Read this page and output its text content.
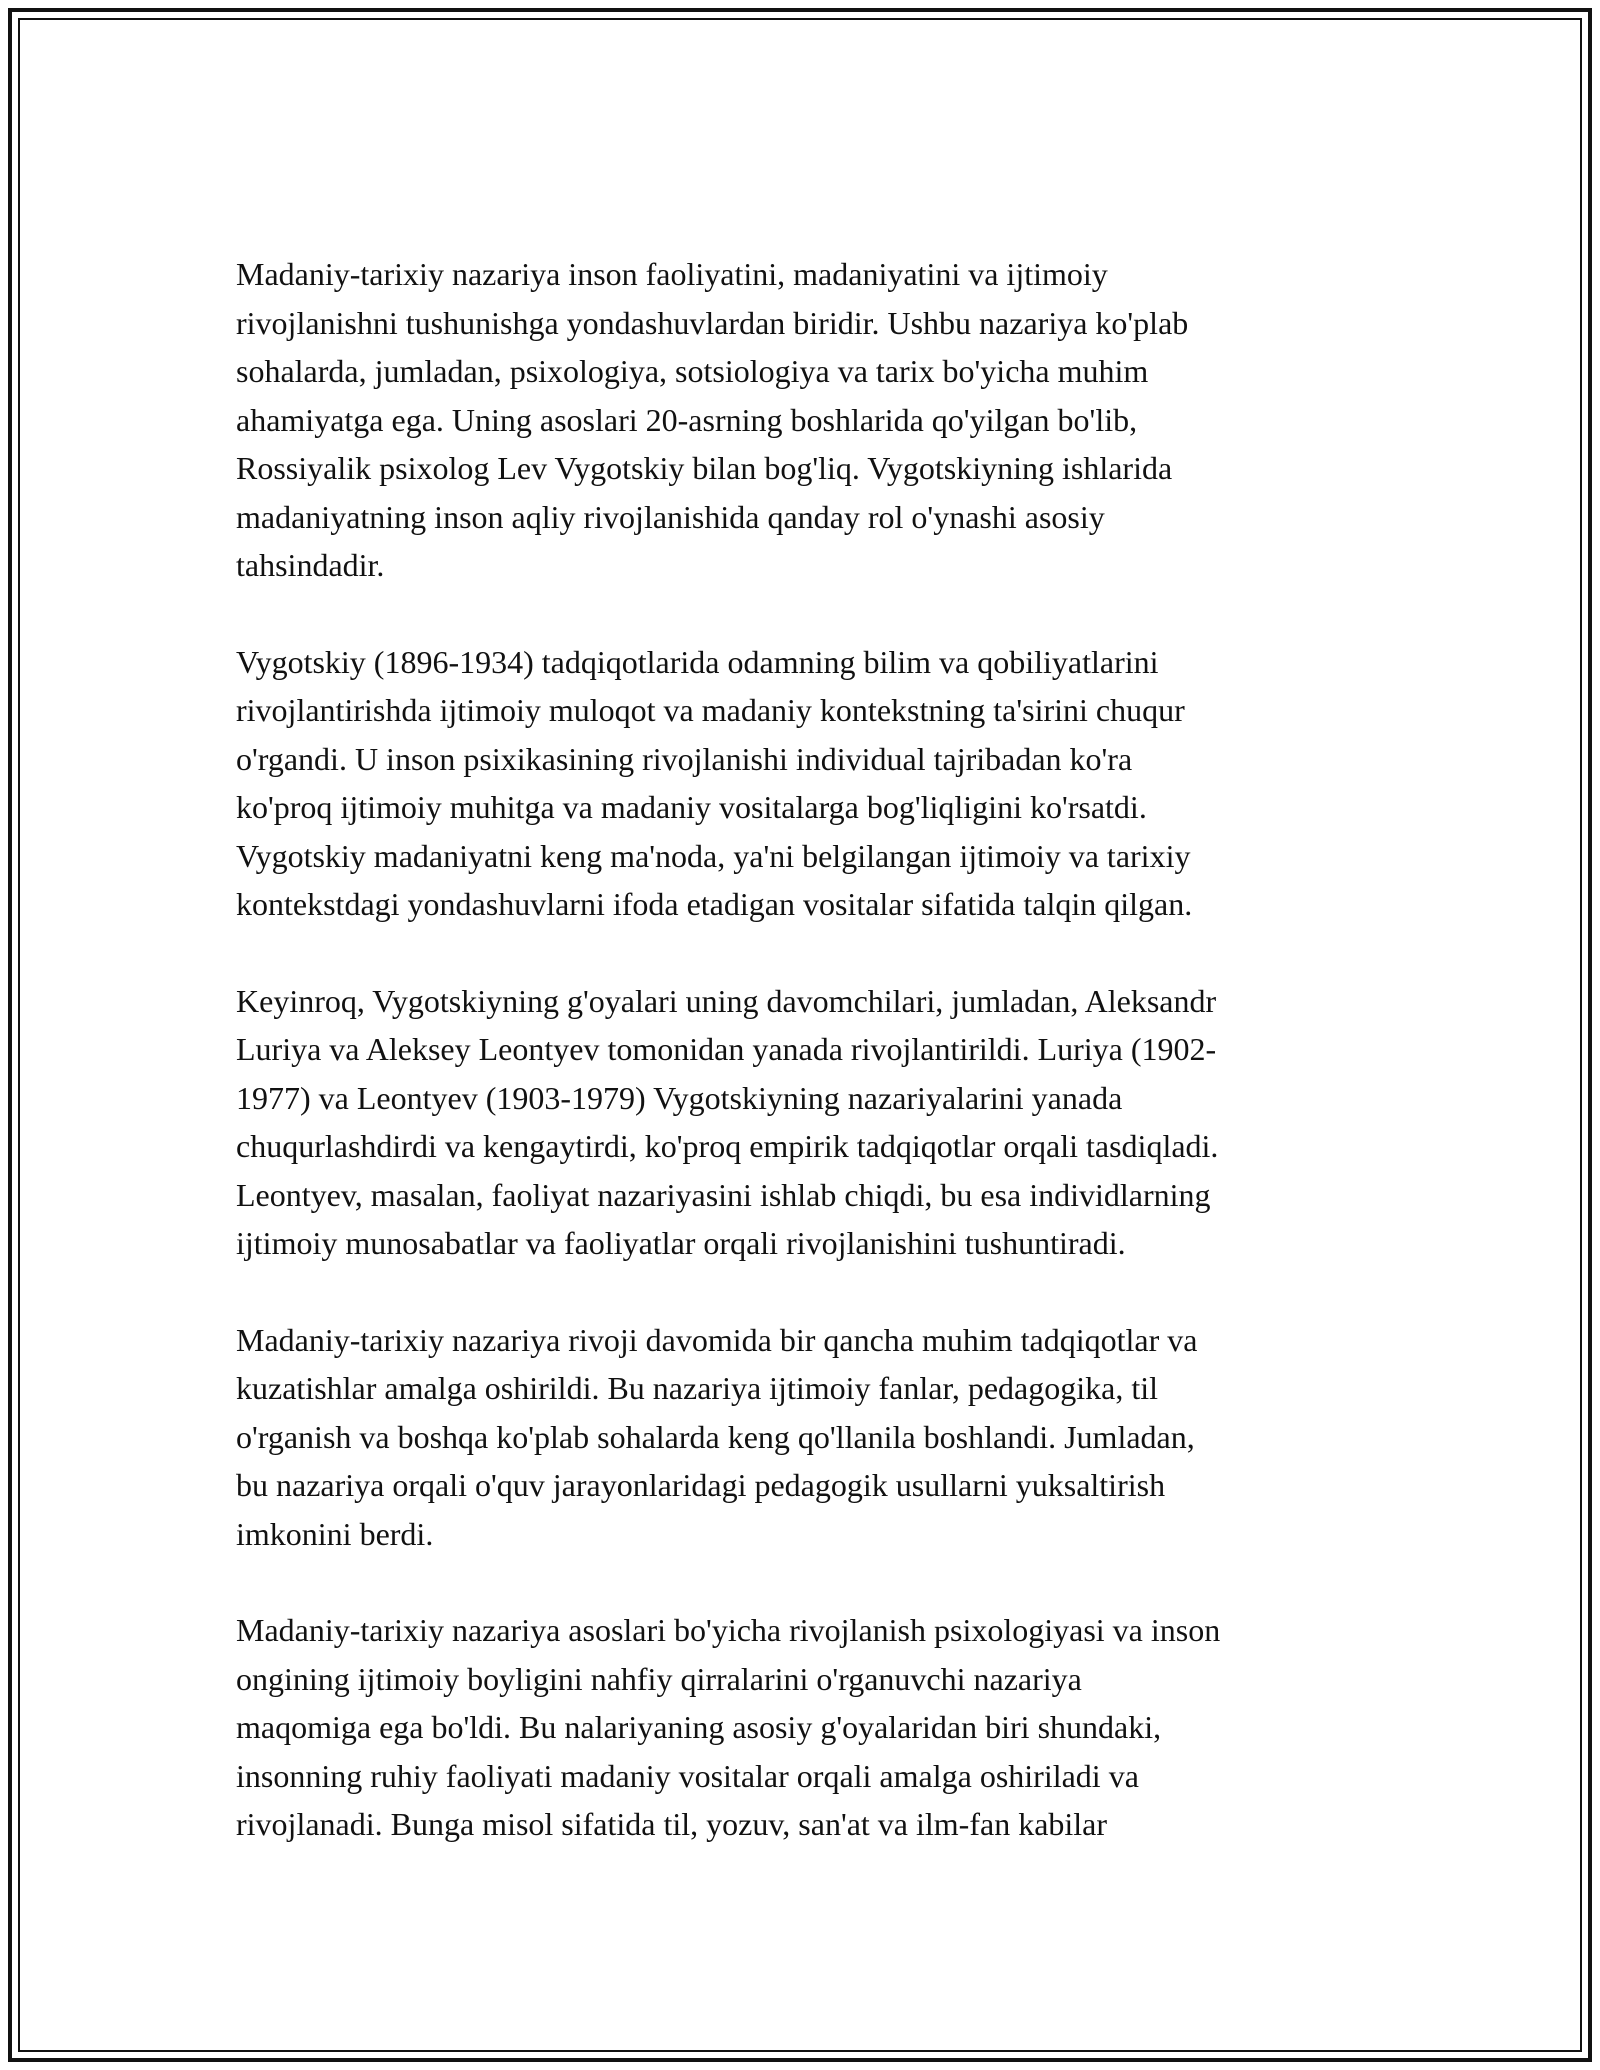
Madaniy-tarixiy nazariya inson faoliyatini, madaniyatini va ijtimoiy
rivojlanishni tushunishga yondashuvlardan biridir. Ushbu nazariya ko'plab
sohalarda, jumladan, psixologiya, sotsiologiya va tarix bo'yicha muhim
ahamiyatga ega. Uning asoslari 20-asrning boshlarida qo'yilgan bo'lib,
Rossiyalik psixolog Lev Vygotskiy bilan bog'liq. Vygotskiyning ishlarida
madaniyatning inson aqliy rivojlanishida qanday rol o'ynashi asosiy
tahsindadir.

Vygotskiy (1896-1934) tadqiqotlarida odamning bilim va qobiliyatlarini
rivojlantirishda ijtimoiy muloqot va madaniy kontekstning ta'sirini chuqur
o'rgandi. U inson psixikasining rivojlanishi individual tajribadan ko'ra
ko'proq ijtimoiy muhitga va madaniy vositalarga bog'liqligini ko'rsatdi.
Vygotskiy madaniyatni keng ma'noda, ya'ni belgilangan ijtimoiy va tarixiy
kontekstdagi yondashuvlarni ifoda etadigan vositalar sifatida talqin qilgan.

Keyinroq, Vygotskiyning g'oyalari uning davomchilari, jumladan, Aleksandr
Luriya va Aleksey Leontyev tomonidan yanada rivojlantirildi. Luriya (1902-
1977) va Leontyev (1903-1979) Vygotskiyning nazariyalarini yanada
chuqurlashdirdi va kengaytirdi, ko'proq empirik tadqiqotlar orqali tasdiqladi.
Leontyev, masalan, faoliyat nazariyasini ishlab chiqdi, bu esa individlarning
ijtimoiy munosabatlar va faoliyatlar orqali rivojlanishini tushuntiradi.

Madaniy-tarixiy nazariya rivoji davomida bir qancha muhim tadqiqotlar va
kuzatishlar amalga oshirildi. Bu nazariya ijtimoiy fanlar, pedagogika, til
o'rganish va boshqa ko'plab sohalarda keng qo'llanila boshlandi. Jumladan,
bu nazariya orqali o'quv jarayonlaridagi pedagogik usullarni yuksaltirish
imkonini berdi.

Madaniy-tarixiy nazariya asoslari bo'yicha rivojlanish psixologiyasi va inson
ongining ijtimoiy boyligini nahfiy qirralarini o'rganuvchi nazariya
maqomiga ega bo'ldi. Bu nalariyaning asosiy g'oyalaridan biri shundaki,
insonning ruhiy faoliyati madaniy vositalar orqali amalga oshiriladi va
rivojlanadi. Bunga misol sifatida til, yozuv, san'at va ilm-fan kabilar
